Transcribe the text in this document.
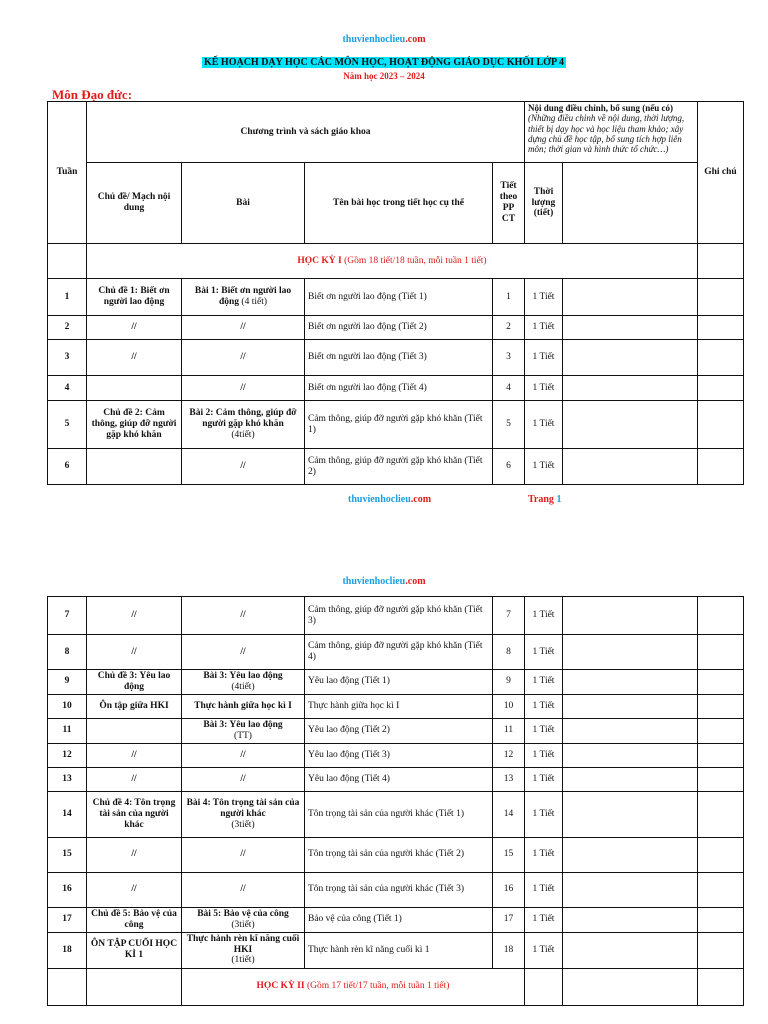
thuvienhoclieu.com
KẾ HOẠCH DẠY HỌC CÁC MÔN HỌC, HOẠT ĐỘNG GIÁO DỤC KHỐI LỚP 4
Năm học 2023 – 2024
Môn Đạo đức:
Tuần	Chương trình và sách giáo khoa				Nội dung điều chỉnh, bổ sung (nếu có) (Những điều chỉnh về nội dung, thời lượng, thiết bị dạy học và học liệu tham khảo; xây dựng chủ đề học tập, bổ sung tích hợp liên môn; thời gian và hình thức tổ chức…)		Ghi chú
	Chủ đề/ Mạch nội dung	Bài	Tên bài học trong tiết học cụ thể	Tiết theo PP CT	Thời lượng (tiết)		
	HỌC KỲ I (Gồm 18 tiết/18 tuần, mỗi tuần 1 tiết)						
1	Chủ đề 1: Biết ơn người lao động	Bài 1: Biết ơn người lao động (4 tiết)	Biết ơn người lao động (Tiết 1)	1	1 Tiết		
2	//	//	Biết ơn người lao động (Tiết 2)	2	1 Tiết		
3	//	//	Biết ơn người lao động (Tiết 3)	3	1 Tiết		
4		//	Biết ơn người lao động (Tiết 4)	4	1 Tiết		
5	Chủ đề 2: Cảm thông, giúp đỡ người gặp khó khăn	Bài 2: Cảm thông, giúp đỡ người gặp khó khăn
(4tiết)	Cảm thông, giúp đỡ người gặp khó khăn (Tiết 1)	5	1 Tiết		
6		//	Cảm thông, giúp đỡ người gặp khó khăn (Tiết 2)	6	1 Tiết		
thuvienhoclieu.com	Trang 1
thuvienhoclieu.com
7	//	//	Cảm thông, giúp đỡ người gặp khó khăn (Tiết 3)	7	1 Tiết		
8	//	//	Cảm thông, giúp đỡ người gặp khó khăn (Tiết 4)	8	1 Tiết		
9	Chủ đề 3: Yêu lao động	Bài 3: Yêu lao động
(4tiết)	Yêu lao động (Tiết 1)	9	1 Tiết		
10	Ôn tập giữa HKI	Thực hành giữa học kì I	Thực hành giữa học kì I	10	1 Tiết		
11		Bài 3: Yêu lao động
(TT)	Yêu lao động (Tiết 2)	11	1 Tiết		
12	//	//	Yêu lao động (Tiết 3)	12	1 Tiết		
13	//	//	Yêu lao động (Tiết 4)	13	1 Tiết		
14	Chủ đề 4: Tôn trọng tài sản của người khác	Bài 4: Tôn trọng tài sản của người khác
(3tiết)	Tôn trọng tài sản của người khác (Tiết 1)	14	1 Tiết		
15	//	//	Tôn trọng tài sản của người khác (Tiết 2)	15	1 Tiết		
16	//	//	Tôn trọng tài sản của người khác (Tiết 3)	16	1 Tiết		
17	Chủ đề 5: Bảo vệ của công	Bài 5: Bảo vệ của công
(3tiết)	Bảo vệ của công (Tiết 1)	17	1 Tiết		
18	ÔN TẬP CUỐI HỌC KÌ 1	Thực hành rèn kĩ năng cuối HKI
(1tiết)	Thực hành rèn kĩ năng cuối kì 1	18	1 Tiết		
		HỌC KỲ II (Gồm 17 tiết/17 tuần, mỗi tuần 1 tiết)					
